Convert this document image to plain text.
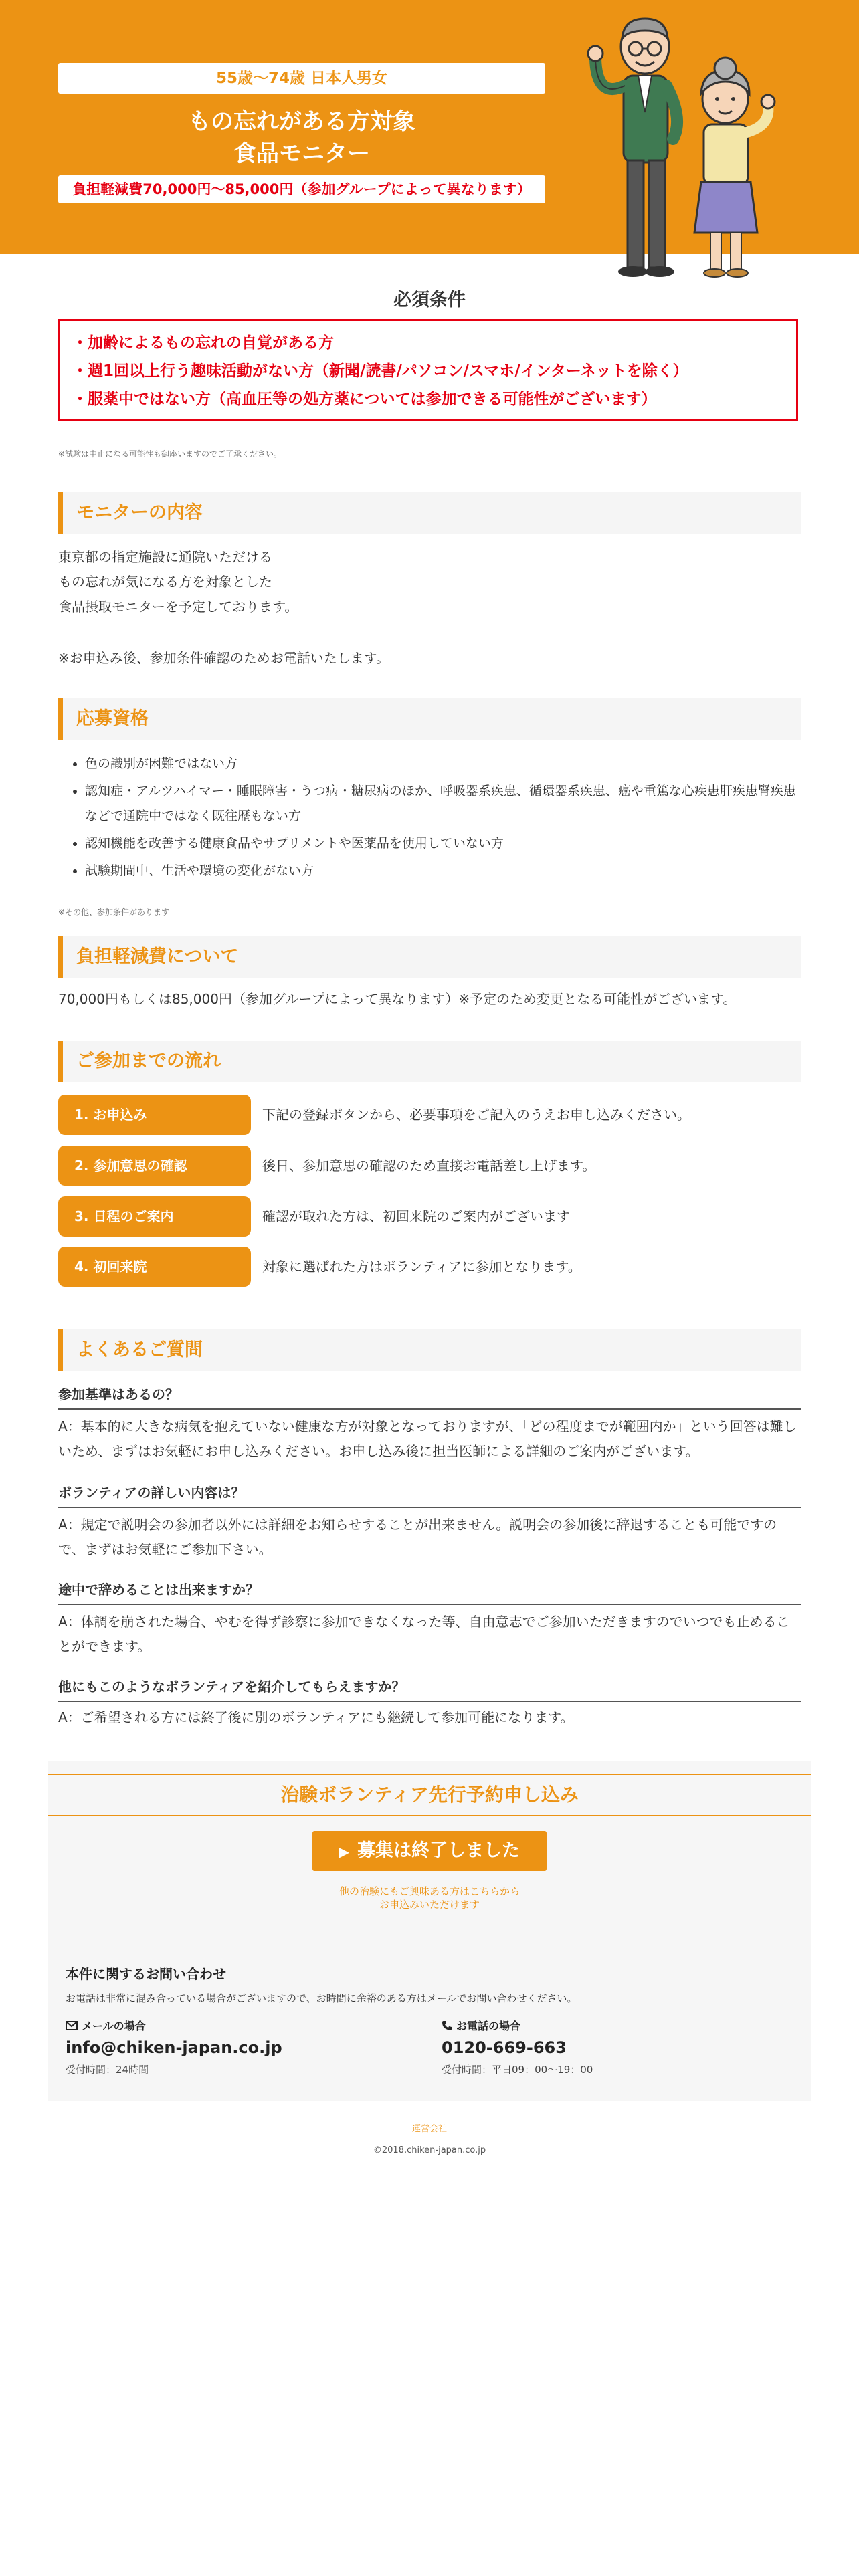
55歳〜74歳 日本人男女
もの忘れがある方対象
食品モニター
負担軽減費70,000円〜85,000円（参加グループによって異なります）
必須条件
・加齢によるもの忘れの自覚がある方
・週1回以上行う趣味活動がない方（新聞/読書/パソコン/スマホ/インターネットを除く）
・服薬中ではない方（高血圧等の処方薬については参加できる可能性がございます）
※試験は中止になる可能性も御座いますのでご了承ください。
モニターの内容

東京都の指定施設に通院いただける

もの忘れが気になる方を対象とした

食品摂取モニターを予定しております。

※お申込み後、参加条件確認のためお電話いたします。
応募資格
• 色の識別が困難ではない方
• 認知症・アルツハイマー・睡眠障害・うつ病・糖尿病のほか、呼吸器系疾患、循環器系疾患、癌や重篤な心疾患肝疾患腎疾患などで通院中ではなく既往歴もない方
• 認知機能を改善する健康食品やサプリメントや医薬品を使用していない方
• 試験期間中、生活や環境の変化がない方
※その他、参加条件があります
負担軽減費について
70,000円もしくは85,000円（参加グループによって異なります）※予定のため変更となる可能性がございます。
ご参加までの流れ
1. お申込み	下記の登録ボタンから、必要事項をご記入のうえお申し込みください。
2. 参加意思の確認	後日、参加意思の確認のため直接お電話差し上げます。
3. 日程のご案内	確認が取れた方は、初回来院のご案内がございます
4. 初回来院	対象に選ばれた方はボランティアに参加となります。
よくあるご質問
参加基準はあるの？
A：基本的に大きな病気を抱えていない健康な方が対象となっておりますが、「どの程度までが範囲内か」という回答は難しいため、まずはお気軽にお申し込みください。お申し込み後に担当医師による詳細のご案内がございます。
ボランティアの詳しい内容は？
A：規定で説明会の参加者以外には詳細をお知らせすることが出来ません。説明会の参加後に辞退することも可能ですので、まずはお気軽にご参加下さい。
途中で辞めることは出来ますか？
A：体調を崩された場合、やむを得ず診察に参加できなくなった等、自由意志でご参加いただきますのでいつでも止めることができます。
他にもこのようなボランティアを紹介してもらえますか？
A：ご希望される方には終了後に別のボランティアにも継続して参加可能になります。
治験ボランティア先行予約申し込み
▶ 募集は終了しました
他の治験にもご興味ある方はこちらから
お申込みいただけます
本件に関するお問い合わせ
お電話は非常に混み合っている場合がございますので、お時間に余裕のある方はメールでお問い合わせください。
メールの場合
info@chiken-japan.co.jp
受付時間：24時間
お電話の場合
0120-669-663
受付時間：平日09：00〜19：00
運営会社
©2018.chiken-japan.co.jp
